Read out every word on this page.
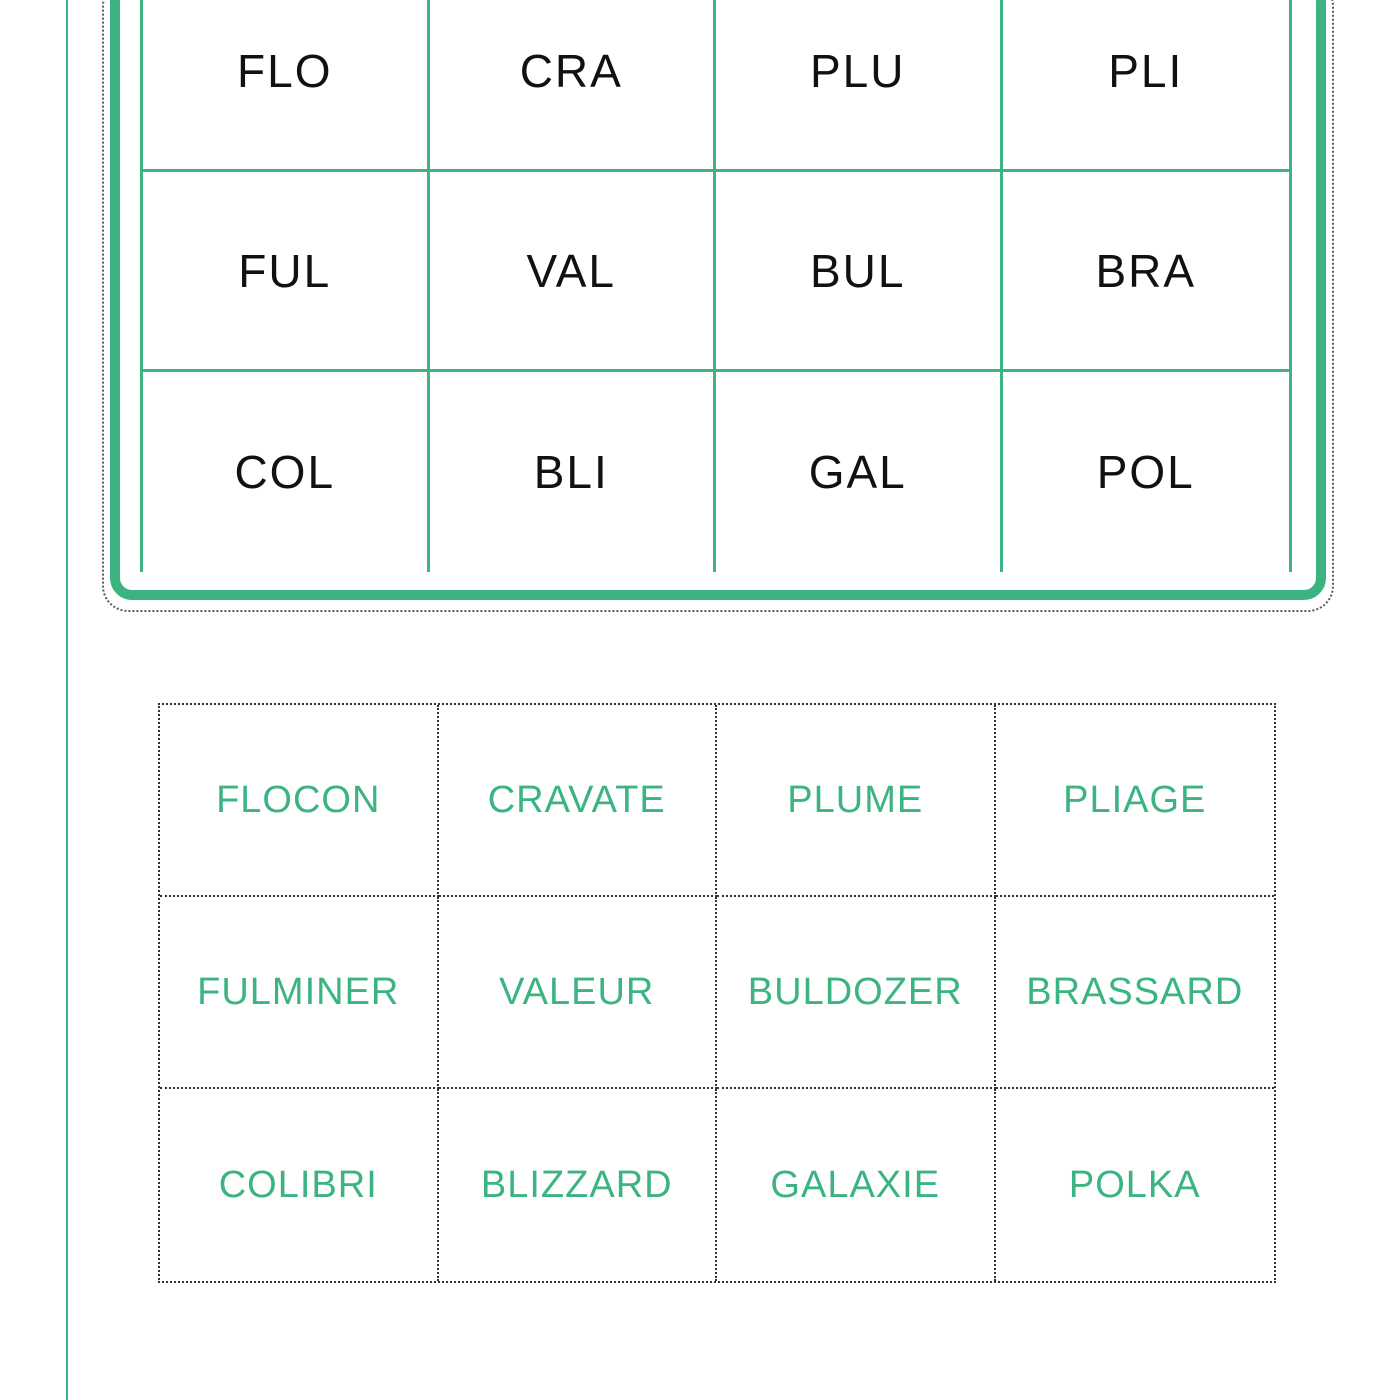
FLO	CRA	PLU	PLI
FUL	VAL	BUL	BRA
COL	BLI	GAL	POL
FLOCON	CRAVATE	PLUME	PLIAGE
FULMINER	VALEUR	BULDOZER	BRASSARD
COLIBRI	BLIZZARD	GALAXIE	POLKA
